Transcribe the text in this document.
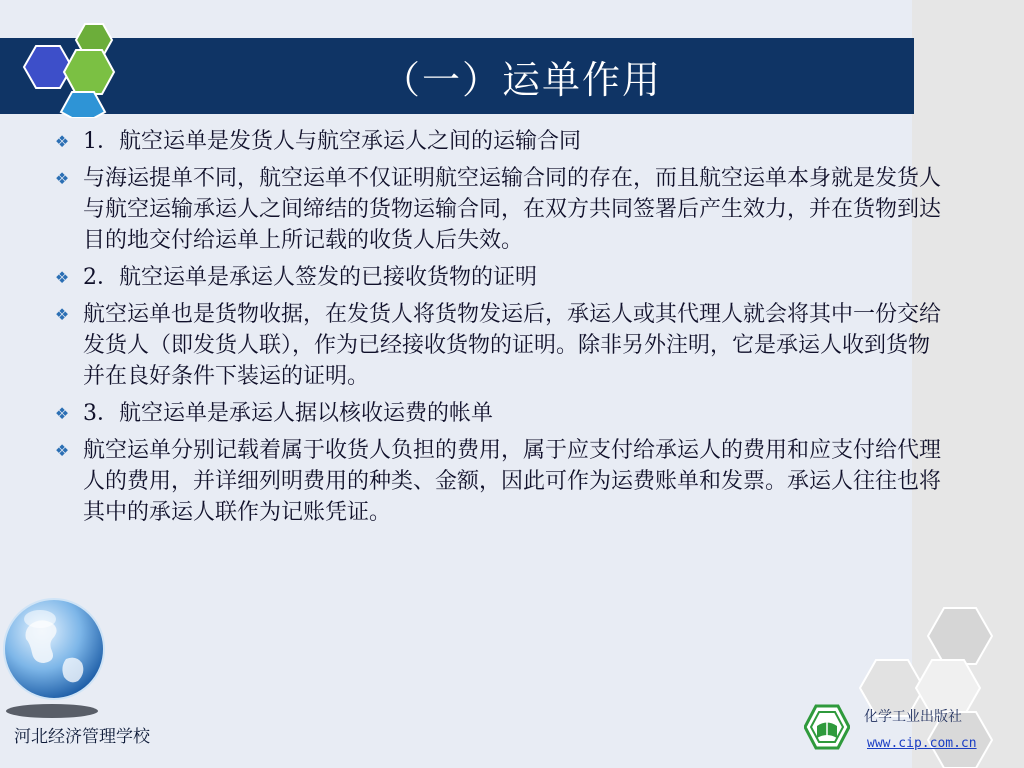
（一）运单作用
❖ 1．航空运单是发货人与航空承运人之间的运输合同
❖ 与海运提单不同，航空运单不仅证明航空运输合同的存在，而且航空运单本身就是发货人与航空运输承运人之间缔结的货物运输合同，在双方共同签署后产生效力，并在货物到达目的地交付给运单上所记载的收货人后失效。
❖ 2．航空运单是承运人签发的已接收货物的证明
❖ 航空运单也是货物收据，在发货人将货物发运后，承运人或其代理人就会将其中一份交给发货人（即发货人联），作为已经接收货物的证明。除非另外注明，它是承运人收到货物并在良好条件下装运的证明。
❖ 3．航空运单是承运人据以核收运费的帐单
❖ 航空运单分别记载着属于收货人负担的费用，属于应支付给承运人的费用和应支付给代理人的费用，并详细列明费用的种类、金额，因此可作为运费账单和发票。承运人往往也将其中的承运人联作为记账凭证。
河北经济管理学校
化学工业出版社
www.cip.com.cn
